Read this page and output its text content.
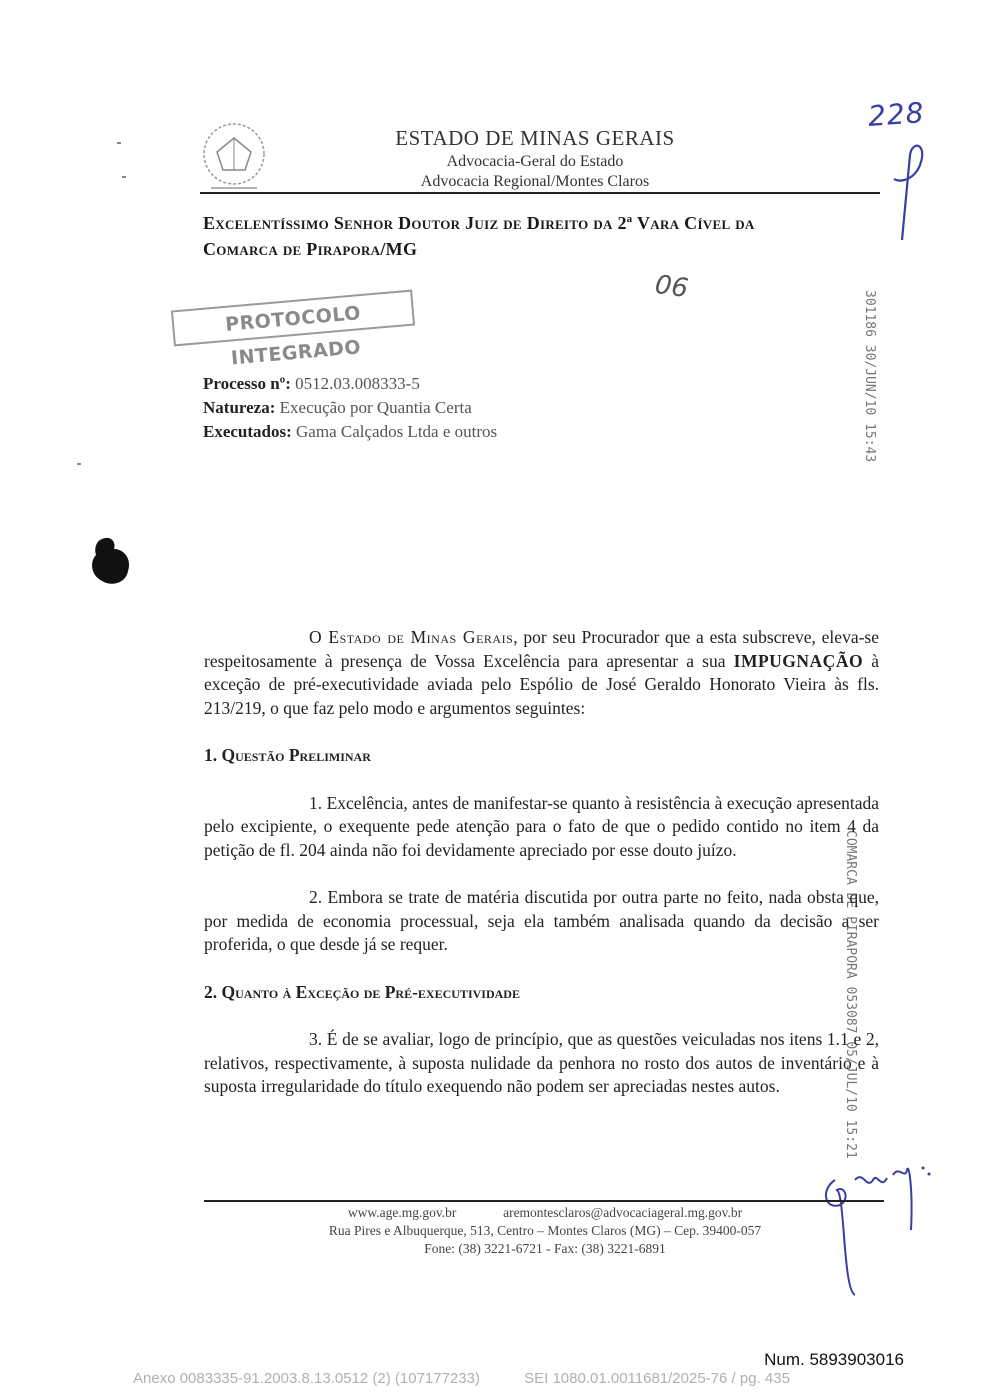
228
ESTADO DE MINAS GERAIS
Advocacia-Geral do Estado
Advocacia Regional/Montes Claros
Excelentíssimo Senhor Doutor Juiz de Direito da 2ª Vara Cível da
Comarca de Pirapora/MG
06
PROTOCOLO INTEGRADO
Processo nº: 0512.03.008333-5
Natureza: Execução por Quantia Certa
Executados: Gama Calçados Ltda e outros	301186 30/JUN/10 15:43
COMARCA DE PIRAPORA 053087 05/JUL/10 15:21

O Estado de Minas Gerais, por seu Procurador que a esta subscreve, eleva-se respeitosamente à presença de Vossa Excelência para apresentar a sua IMPUGNAÇÃO à exceção de pré-executividade aviada pelo Espólio de José Geraldo Honorato Vieira às fls. 213/219, o que faz pelo modo e argumentos seguintes:

1. Questão Preliminar

1. Excelência, antes de manifestar-se quanto à resistência à execução apresentada pelo excipiente, o exequente pede atenção para o fato de que o pedido contido no item 4 da petição de fl. 204 ainda não foi devidamente apreciado por esse douto juízo.

2. Embora se trate de matéria discutida por outra parte no feito, nada obsta que, por medida de economia processual, seja ela também analisada quando da decisão a ser proferida, o que desde já se requer.

2. Quanto à Exceção de Pré-executividade

3. É de se avaliar, logo de princípio, que as questões veiculadas nos itens 1.1 e 2, relativos, respectivamente, à suposta nulidade da penhora no rosto dos autos de inventário e à suposta irregularidade do título exequendo não podem ser apreciadas nestes autos.

www.age.mg.gov.br	aremontesclaros@advocaciageral.mg.gov.br
Rua Pires e Albuquerque, 513, Centro – Montes Claros (MG) – Cep. 39400-057
Fone: (38) 3221-6721 - Fax: (38) 3221-6891
Num. 5893903016
Anexo 0083335-91.2003.8.13.0512 (2) (107177233)	SEI 1080.01.0011681/2025-76 / pg. 435
